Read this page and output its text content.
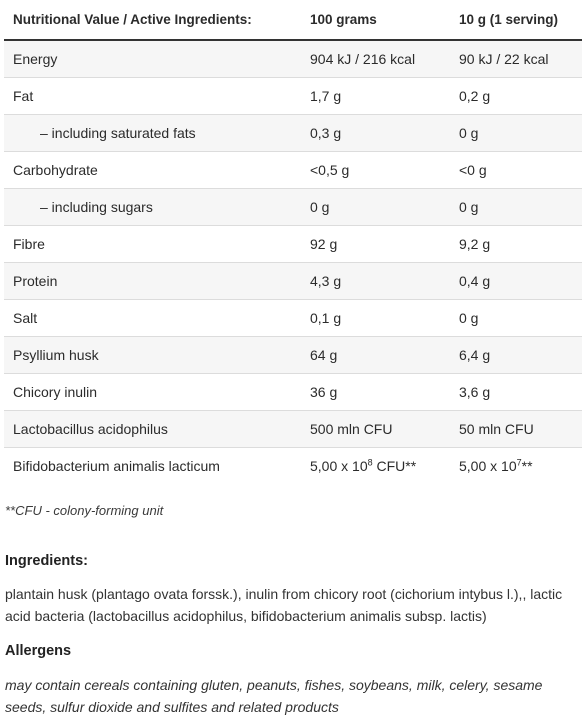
Nutritional Value / Active Ingredients:	100 grams	10 g (1 serving)
Energy	904 kJ / 216 kcal	90 kJ / 22 kcal
Fat	1,7 g	0,2 g
– including saturated fats	0,3 g	0 g
Carbohydrate	<0,5 g	<0 g
– including sugars	0 g	0 g
Fibre	92 g	9,2 g
Protein	4,3 g	0,4 g
Salt	0,1 g	0 g
Psyllium husk	64 g	6,4 g
Chicory inulin	36 g	3,6 g
Lactobacillus acidophilus	500 mln CFU	50 mln CFU
Bifidobacterium animalis lacticum	5,00 x $10^8$ CFU**	5,00 x $10^7**$

**CFU - colony-forming unit

Ingredients:

plantain husk (plantago ovata forssk.), inulin from chicory root (cichorium intybus l.),, lactic acid bacteria (lactobacillus acidophilus, bifidobacterium animalis subsp. lactis)

Allergens

may contain cereals containing gluten, peanuts, fishes, soybeans, milk, celery, sesame seeds, sulfur dioxide and sulfites and related products
